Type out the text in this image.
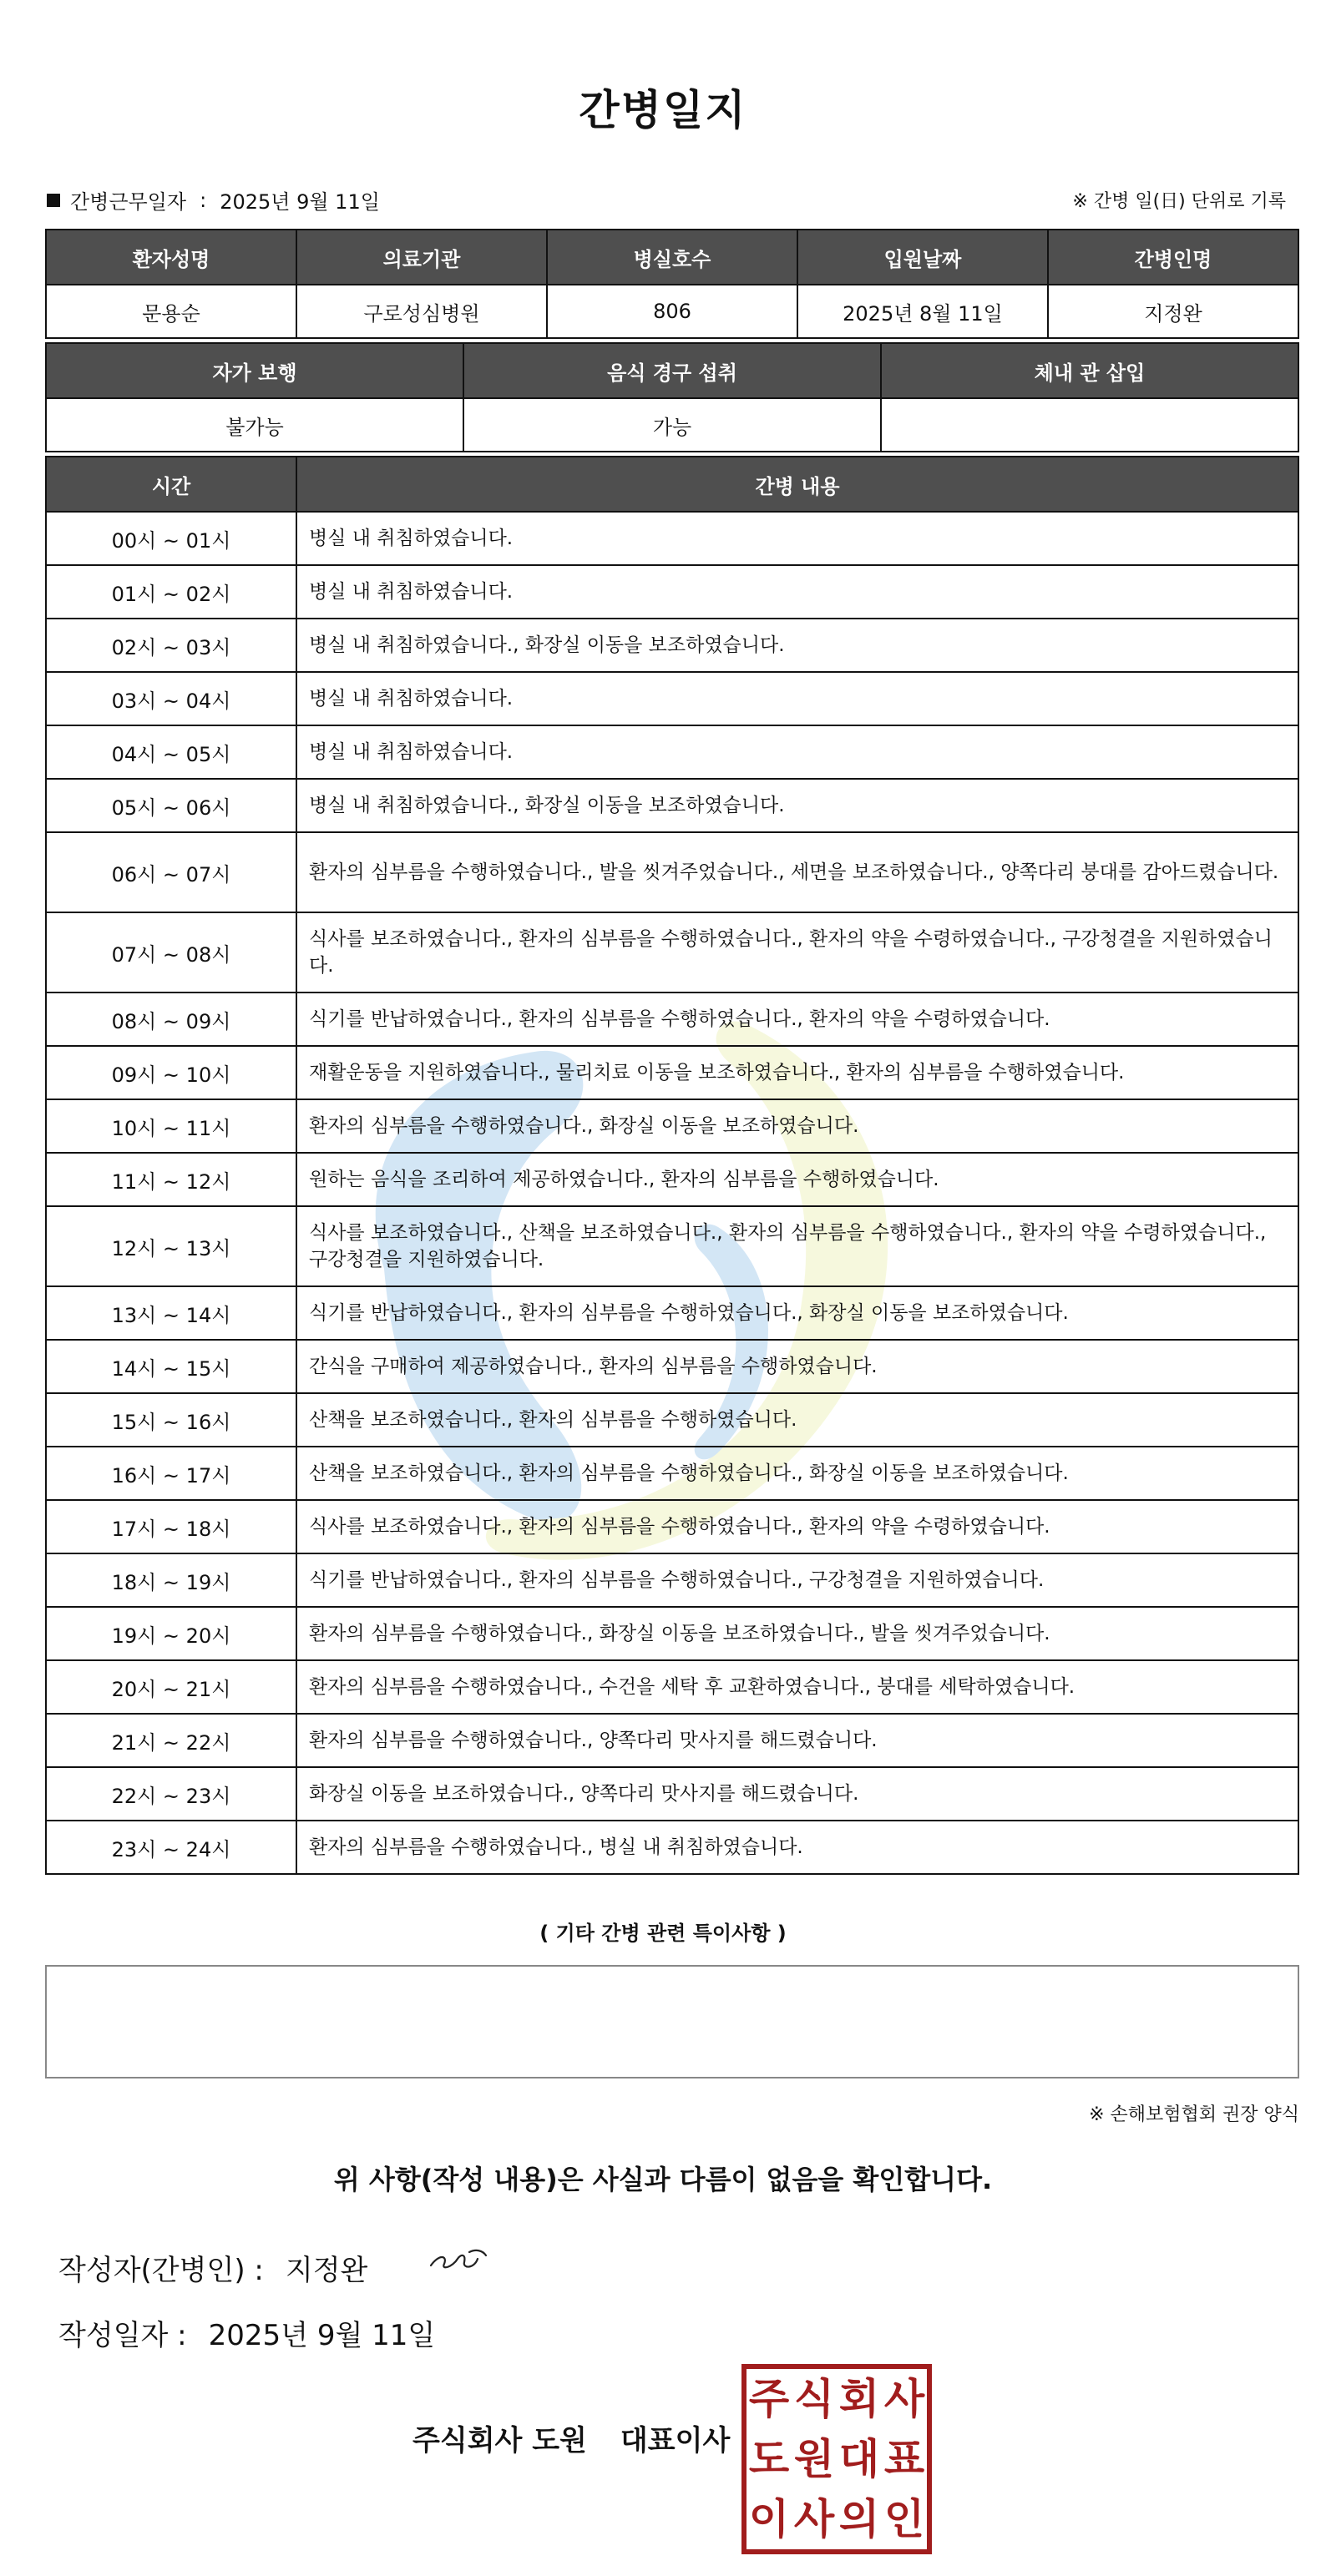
간병일지
간병근무일자 : 2025년 9월 11일	※ 간병 일(日) 단위로 기록
환자성명	의료기관	병실호수	입원날짜	간병인명
문용순	구로성심병원	806	2025년 8월 11일	지정완
자가 보행	음식 경구 섭취	체내 관 삽입
불가능	가능	
시간	간병 내용
00시 ~ 01시	병실 내 취침하였습니다.
01시 ~ 02시	병실 내 취침하였습니다.
02시 ~ 03시	병실 내 취침하였습니다., 화장실 이동을 보조하였습니다.
03시 ~ 04시	병실 내 취침하였습니다.
04시 ~ 05시	병실 내 취침하였습니다.
05시 ~ 06시	병실 내 취침하였습니다., 화장실 이동을 보조하였습니다.
06시 ~ 07시	환자의 심부름을 수행하였습니다., 발을 씻겨주었습니다., 세면을 보조하였습니다., 양쪽다리 붕대를 감아드렸습니다.
07시 ~ 08시	식사를 보조하였습니다., 환자의 심부름을 수행하였습니다., 환자의 약을 수령하였습니다., 구강청결을 지원하였습니다.
08시 ~ 09시	식기를 반납하였습니다., 환자의 심부름을 수행하였습니다., 환자의 약을 수령하였습니다.
09시 ~ 10시	재활운동을 지원하였습니다., 물리치료 이동을 보조하였습니다., 환자의 심부름을 수행하였습니다.
10시 ~ 11시	환자의 심부름을 수행하였습니다., 화장실 이동을 보조하였습니다.
11시 ~ 12시	원하는 음식을 조리하여 제공하였습니다., 환자의 심부름을 수행하였습니다.
12시 ~ 13시	식사를 보조하였습니다., 산책을 보조하였습니다., 환자의 심부름을 수행하였습니다., 환자의 약을 수령하였습니다., 구강청결을 지원하였습니다.
13시 ~ 14시	식기를 반납하였습니다., 환자의 심부름을 수행하였습니다., 화장실 이동을 보조하였습니다.
14시 ~ 15시	간식을 구매하여 제공하였습니다., 환자의 심부름을 수행하였습니다.
15시 ~ 16시	산책을 보조하였습니다., 환자의 심부름을 수행하였습니다.
16시 ~ 17시	산책을 보조하였습니다., 환자의 심부름을 수행하였습니다., 화장실 이동을 보조하였습니다.
17시 ~ 18시	식사를 보조하였습니다., 환자의 심부름을 수행하였습니다., 환자의 약을 수령하였습니다.
18시 ~ 19시	식기를 반납하였습니다., 환자의 심부름을 수행하였습니다., 구강청결을 지원하였습니다.
19시 ~ 20시	환자의 심부름을 수행하였습니다., 화장실 이동을 보조하였습니다., 발을 씻겨주었습니다.
20시 ~ 21시	환자의 심부름을 수행하였습니다., 수건을 세탁 후 교환하였습니다., 붕대를 세탁하였습니다.
21시 ~ 22시	환자의 심부름을 수행하였습니다., 양쪽다리 맛사지를 해드렸습니다.
22시 ~ 23시	화장실 이동을 보조하였습니다., 양쪽다리 맛사지를 해드렸습니다.
23시 ~ 24시	환자의 심부름을 수행하였습니다., 병실 내 취침하였습니다.
( 기타 간병 관련 특이사항 )
※ 손해보험협회 권장 양식
위 사항(작성 내용)은 사실과 다름이 없음을 확인합니다.
작성자(간병인) : 지정완
작성일자 : 2025년 9월 11일
주식회사 도원 대표이사
주 식 회 사
도 원 대 표
이 사 의 인
